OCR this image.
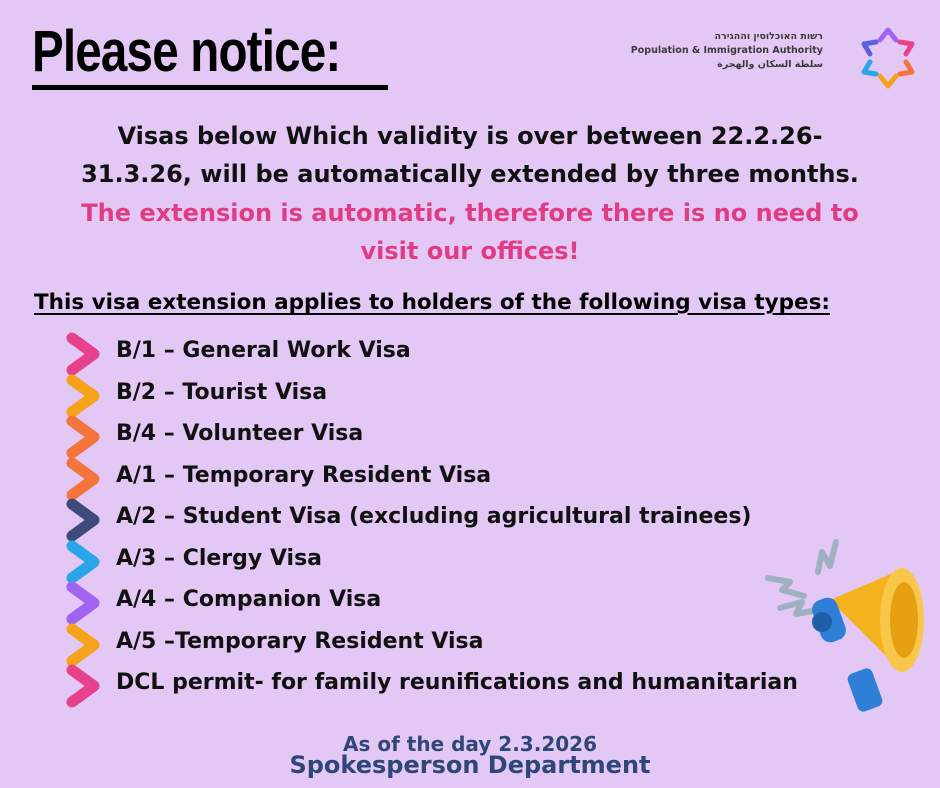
Please notice:	רשות האוכלוסין וההגירה
Population & Immigration Authority
سلطة السكان والهجرة
Visas below Which validity is over between 22.2.26-
31.3.26, will be automatically extended by three months.
The extension is automatic, therefore there is no need to
visit our offices!
This visa extension applies to holders of the following visa types:
B/1 – General Work Visa
B/2 – Tourist Visa
B/4 – Volunteer Visa
A/1 – Temporary Resident Visa
A/2 – Student Visa (excluding agricultural trainees)
A/3 – Clergy Visa
A/4 – Companion Visa
A/5 –Temporary Resident Visa
DCL permit- for family reunifications and humanitarian
As of the day 2.3.2026
Spokesperson Department
